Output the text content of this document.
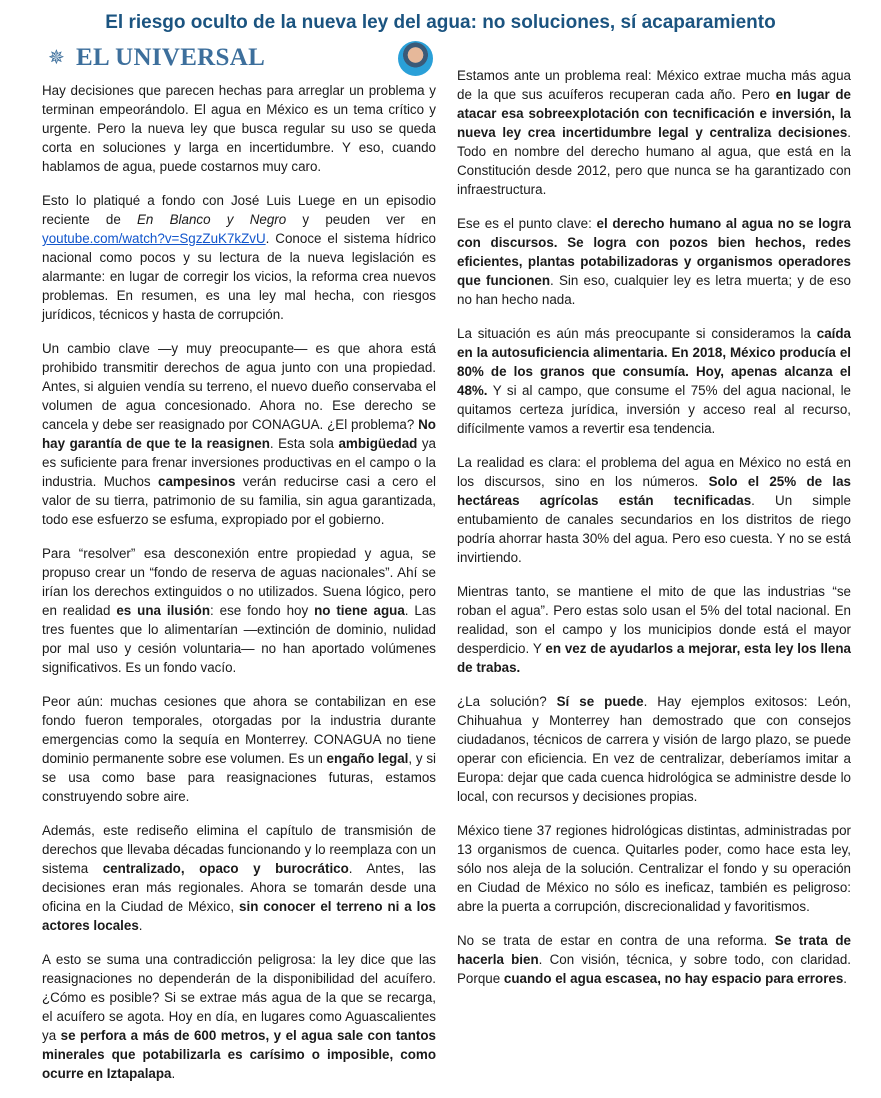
El riesgo oculto de la nueva ley del agua: no soluciones, sí acaparamiento
✵ EL UNIVERSAL

Hay decisiones que parecen hechas para arreglar un problema y terminan empeorándolo. El agua en México es un tema crítico y urgente. Pero la nueva ley que busca regular su uso se queda corta en soluciones y larga en incertidumbre. Y eso, cuando hablamos de agua, puede costarnos muy caro.

Esto lo platiqué a fondo con José Luis Luege en un episodio reciente de En Blanco y Negro y peuden ver en youtube.com/watch?v=SgzZuK7kZvU. Conoce el sistema hídrico nacional como pocos y su lectura de la nueva legislación es alarmante: en lugar de corregir los vicios, la reforma crea nuevos problemas. En resumen, es una ley mal hecha, con riesgos jurídicos, técnicos y hasta de corrupción.

Un cambio clave —y muy preocupante— es que ahora está prohibido transmitir derechos de agua junto con una propiedad. Antes, si alguien vendía su terreno, el nuevo dueño conservaba el volumen de agua concesionado. Ahora no. Ese derecho se cancela y debe ser reasignado por CONAGUA. ¿El problema? No hay garantía de que te la reasignen. Esta sola ambigüedad ya es suficiente para frenar inversiones productivas en el campo o la industria. Muchos campesinos verán reducirse casi a cero el valor de su tierra, patrimonio de su familia, sin agua garantizada, todo ese esfuerzo se esfuma, expropiado por el gobierno.

Para “resolver” esa desconexión entre propiedad y agua, se propuso crear un “fondo de reserva de aguas nacionales”. Ahí se irían los derechos extinguidos o no utilizados. Suena lógico, pero en realidad es una ilusión: ese fondo hoy no tiene agua. Las tres fuentes que lo alimentarían —extinción de dominio, nulidad por mal uso y cesión voluntaria— no han aportado volúmenes significativos. Es un fondo vacío.

Peor aún: muchas cesiones que ahora se contabilizan en ese fondo fueron temporales, otorgadas por la industria durante emergencias como la sequía en Monterrey. CONAGUA no tiene dominio permanente sobre ese volumen. Es un engaño legal, y si se usa como base para reasignaciones futuras, estamos construyendo sobre aire.

Además, este rediseño elimina el capítulo de transmisión de derechos que llevaba décadas funcionando y lo reemplaza con un sistema centralizado, opaco y burocrático. Antes, las decisiones eran más regionales. Ahora se tomarán desde una oficina en la Ciudad de México, sin conocer el terreno ni a los actores locales.

A esto se suma una contradicción peligrosa: la ley dice que las reasignaciones no dependerán de la disponibilidad del acuífero. ¿Cómo es posible? Si se extrae más agua de la que se recarga, el acuífero se agota. Hoy en día, en lugares como Aguascalientes ya se perfora a más de 600 metros, y el agua sale con tantos minerales que potabilizarla es carísimo o imposible, como ocurre en Iztapalapa.

Estamos ante un problema real: México extrae mucha más agua de la que sus acuíferos recuperan cada año. Pero en lugar de atacar esa sobreexplotación con tecnificación e inversión, la nueva ley crea incertidumbre legal y centraliza decisiones. Todo en nombre del derecho humano al agua, que está en la Constitución desde 2012, pero que nunca se ha garantizado con infraestructura.

Ese es el punto clave: el derecho humano al agua no se logra con discursos. Se logra con pozos bien hechos, redes eficientes, plantas potabilizadoras y organismos operadores que funcionen. Sin eso, cualquier ley es letra muerta; y de eso no han hecho nada.

La situación es aún más preocupante si consideramos la caída en la autosuficiencia alimentaria. En 2018, México producía el 80% de los granos que consumía. Hoy, apenas alcanza el 48%. Y si al campo, que consume el 75% del agua nacional, le quitamos certeza jurídica, inversión y acceso real al recurso, difícilmente vamos a revertir esa tendencia.

La realidad es clara: el problema del agua en México no está en los discursos, sino en los números. Solo el 25% de las hectáreas agrícolas están tecnificadas. Un simple entubamiento de canales secundarios en los distritos de riego podría ahorrar hasta 30% del agua. Pero eso cuesta. Y no se está invirtiendo.

Mientras tanto, se mantiene el mito de que las industrias “se roban el agua”. Pero estas solo usan el 5% del total nacional. En realidad, son el campo y los municipios donde está el mayor desperdicio. Y en vez de ayudarlos a mejorar, esta ley los llena de trabas.

¿La solución? Sí se puede. Hay ejemplos exitosos: León, Chihuahua y Monterrey han demostrado que con consejos ciudadanos, técnicos de carrera y visión de largo plazo, se puede operar con eficiencia. En vez de centralizar, deberíamos imitar a Europa: dejar que cada cuenca hidrológica se administre desde lo local, con recursos y decisiones propias.

México tiene 37 regiones hidrológicas distintas, administradas por 13 organismos de cuenca. Quitarles poder, como hace esta ley, sólo nos aleja de la solución. Centralizar el fondo y su operación en Ciudad de México no sólo es ineficaz, también es peligroso: abre la puerta a corrupción, discrecionalidad y favoritismos.

No se trata de estar en contra de una reforma. Se trata de hacerla bien. Con visión, técnica, y sobre todo, con claridad. Porque cuando el agua escasea, no hay espacio para errores.
